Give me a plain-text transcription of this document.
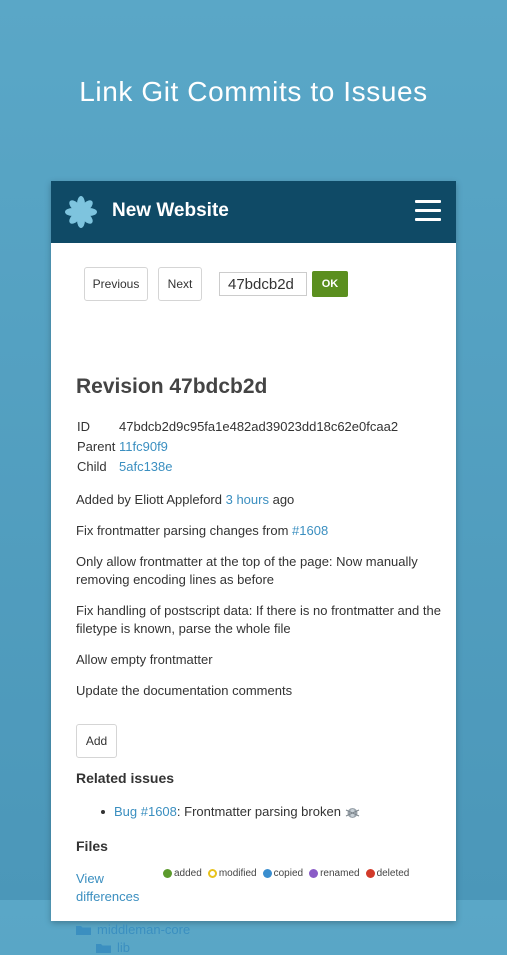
Link Git Commits to Issues
New Website
Previous	Next
47bdcb2d	OK
Revision 47bdcb2d
ID	47bdcb2d9c95fa1e482ad39023dd18c62e0fcaa2
Parent 11fc90f9
Child 5afc138e
Added by Eliott Appleford 3 hours ago
Fix frontmatter parsing changes from #1608
Only allow frontmatter at the top of the page: Now manually removing encoding lines as before
Fix handling of postscript data: If there is no frontmatter and the filetype is known, parse the whole file
Allow empty frontmatter
Update the documentation comments
Add
Related issues
Bug #1608 : Frontmatter parsing broken
Files
View differences
added modified copied renamed deleted
middleman-core
lib
